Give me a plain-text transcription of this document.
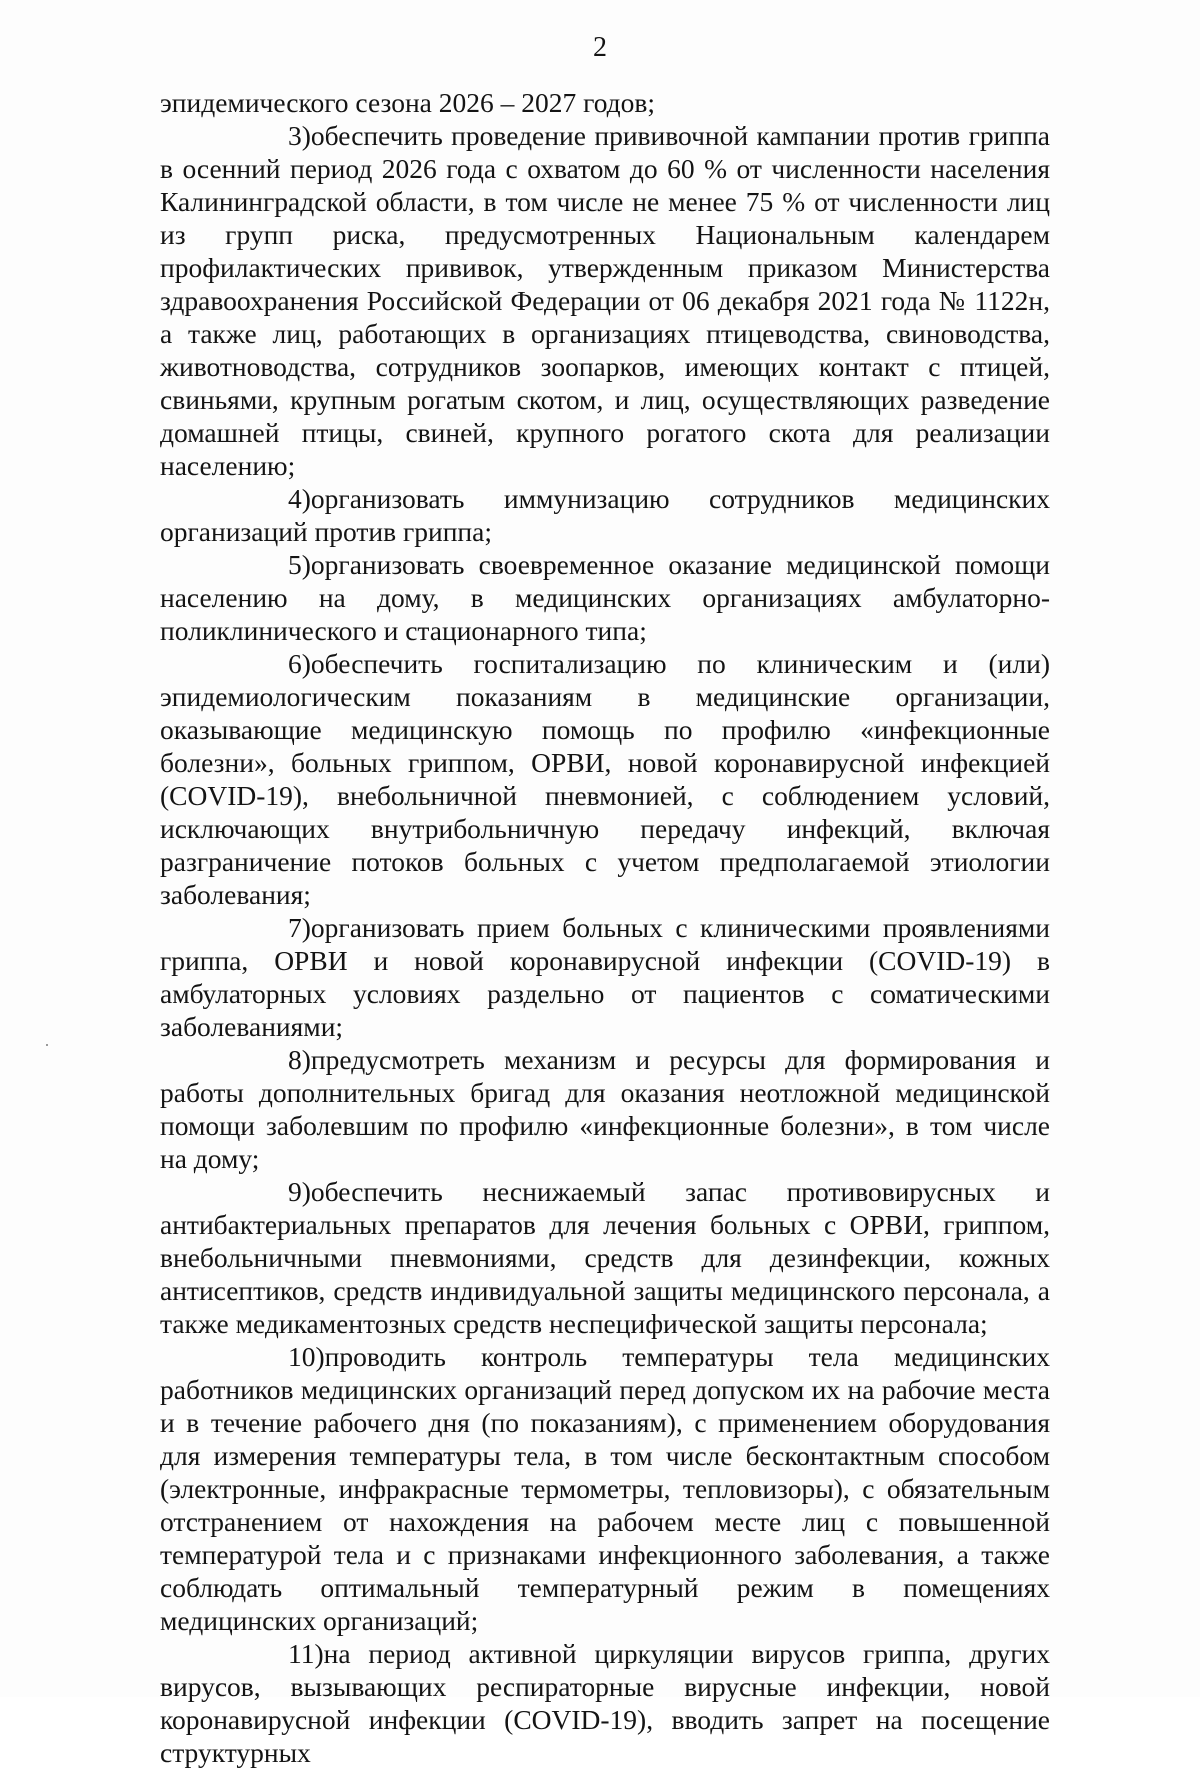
2

эпидемического сезона 2026 – 2027 годов;

3)обеспечить проведение прививочной кампании против гриппа в осенний период 2026 года с охватом до 60 % от численности населения Калининградской области, в том числе не менее 75 % от численности лиц из групп риска, предусмотренных Национальным календарем профилактических прививок, утвержденным приказом Министерства здравоохранения Российской Федерации от 06 декабря 2021 года № 1122н, а также лиц, работающих в организациях птицеводства, свиноводства, животноводства, сотрудников зоопарков, имеющих контакт с птицей, свиньями, крупным рогатым скотом, и лиц, осуществляющих разведение домашней птицы, свиней, крупного рогатого скота для реализации населению;

4)организовать иммунизацию сотрудников медицинских организаций против гриппа;

5)организовать своевременное оказание медицинской помощи населению на дому, в медицинских организациях амбулаторно-поликлинического и стационарного типа;

6)обеспечить госпитализацию по клиническим и (или) эпидемиологическим показаниям в медицинские организации, оказывающие медицинскую помощь по профилю «инфекционные болезни», больных гриппом, ОРВИ, новой коронавирусной инфекцией (COVID-19), внебольничной пневмонией, с соблюдением условий, исключающих внутрибольничную передачу инфекций, включая разграничение потоков больных с учетом предполагаемой этиологии заболевания;

7)организовать прием больных с клиническими проявлениями гриппа, ОРВИ и новой коронавирусной инфекции (COVID-19) в амбулаторных условиях раздельно от пациентов с соматическими заболеваниями;

8)предусмотреть механизм и ресурсы для формирования и работы дополнительных бригад для оказания неотложной медицинской помощи заболевшим по профилю «инфекционные болезни», в том числе на дому;

9)обеспечить неснижаемый запас противовирусных и антибактериальных препаратов для лечения больных с ОРВИ, гриппом, внебольничными пневмониями, средств для дезинфекции, кожных антисептиков, средств индивидуальной защиты медицинского персонала, а также медикаментозных средств неспецифической защиты персонала;

10)проводить контроль температуры тела медицинских работников медицинских организаций перед допуском их на рабочие места и в течение рабочего дня (по показаниям), с применением оборудования для измерения температуры тела, в том числе бесконтактным способом (электронные, инфракрасные термометры, тепловизоры), с обязательным отстранением от нахождения на рабочем месте лиц с повышенной температурой тела и с признаками инфекционного заболевания, а также соблюдать оптимальный температурный режим в помещениях медицинских организаций;

11)на период активной циркуляции вирусов гриппа, других вирусов, вызывающих респираторные вирусные инфекции, новой коронавирусной инфекции (COVID-19), вводить запрет на посещение структурных
